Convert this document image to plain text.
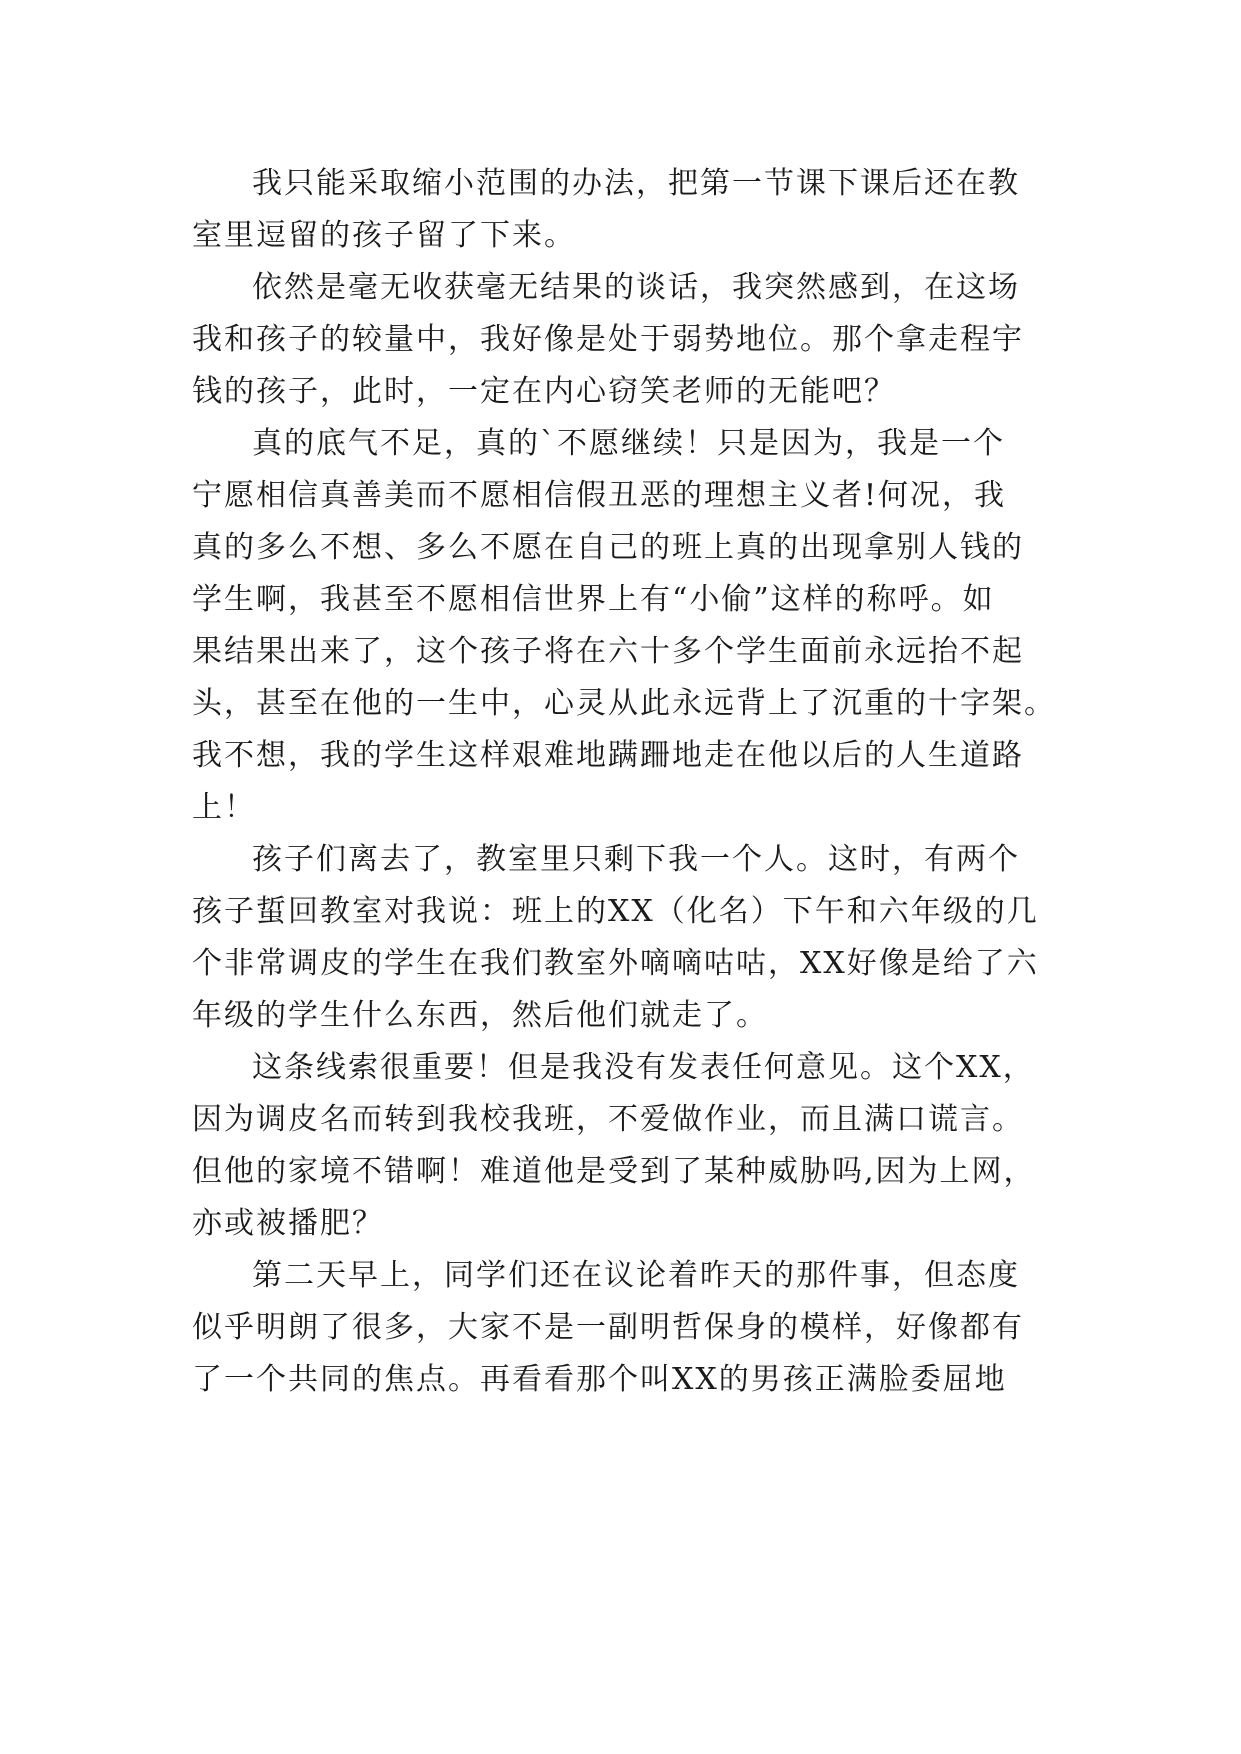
我只能采取缩小范围的办法，把第一节课下课后还在教
室里逗留的孩子留了下来。
依然是毫无收获毫无结果的谈话，我突然感到，在这场
我和孩子的较量中，我好像是处于弱势地位。那个拿走程宇
钱的孩子，此时，一定在内心窃笑老师的无能吧？
真的底气不足，真的`不愿继续！只是因为，我是一个
宁愿相信真善美而不愿相信假丑恶的理想主义者!何况，我
真的多么不想、多么不愿在自己的班上真的出现拿别人钱的
学生啊，我甚至不愿相信世界上有“小偷”这样的称呼。如
果结果出来了，这个孩子将在六十多个学生面前永远抬不起
头，甚至在他的一生中，心灵从此永远背上了沉重的十字架。
我不想，我的学生这样艰难地蹒跚地走在他以后的人生道路
上！
孩子们离去了，教室里只剩下我一个人。这时，有两个
孩子蜇回教室对我说：班上的XX（化名）下午和六年级的几
个非常调皮的学生在我们教室外嘀嘀咕咕，XX好像是给了六
年级的学生什么东西，然后他们就走了。
这条线索很重要！但是我没有发表任何意见。这个XX，
因为调皮名而转到我校我班，不爱做作业，而且满口谎言。
但他的家境不错啊！难道他是受到了某种威胁吗,因为上网，
亦或被播肥？
第二天早上，同学们还在议论着昨天的那件事，但态度
似乎明朗了很多，大家不是一副明哲保身的模样，好像都有
了一个共同的焦点。再看看那个叫XX的男孩正满脸委屈地
